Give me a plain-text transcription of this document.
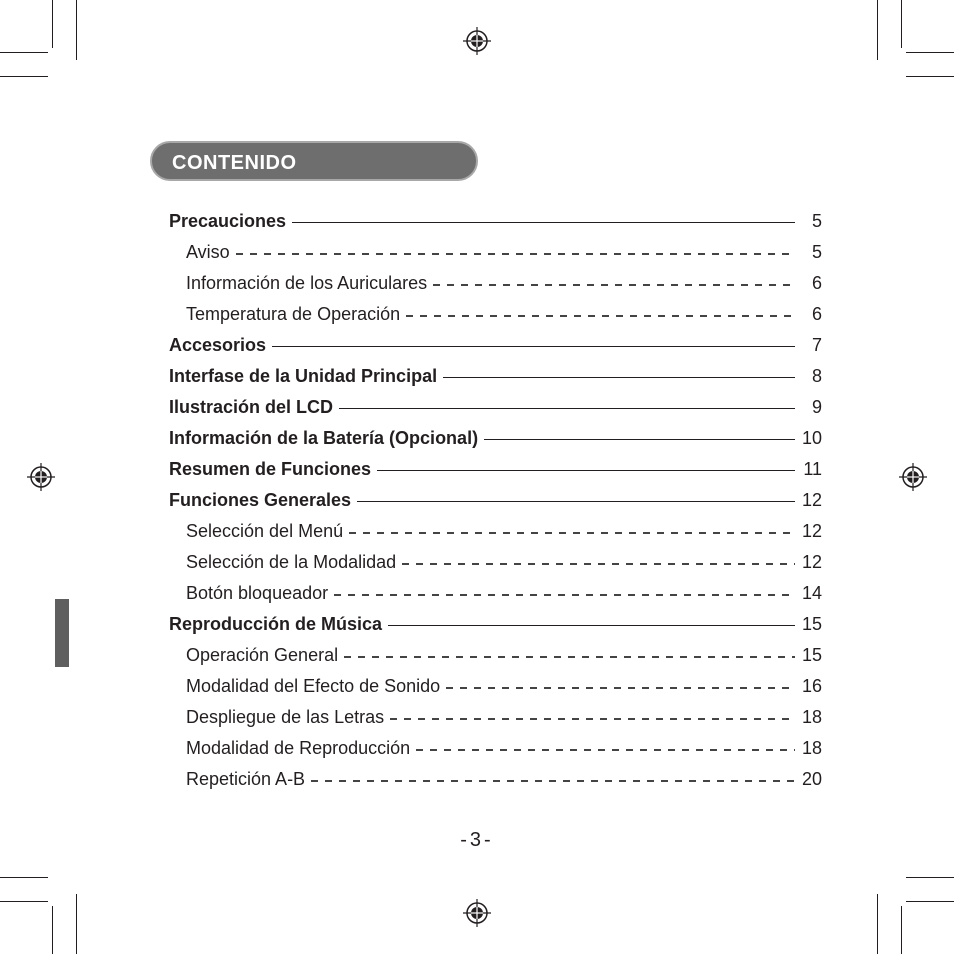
CONTENIDO
Precauciones	5
Aviso	5
Información de los Auriculares	6
Temperatura de Operación	6
Accesorios	7
Interfase de la Unidad Principal	8
Ilustración del LCD	9
Información de la Batería (Opcional)	10
Resumen de Funciones	11
Funciones Generales	12
Selección del Menú	12
Selección de la Modalidad	12
Botón bloqueador	14
Reproducción de Música	15
Operación General	15
Modalidad del Efecto de Sonido	16
Despliegue de las Letras	18
Modalidad de Reproducción	18
Repetición A-B	20
-3-
